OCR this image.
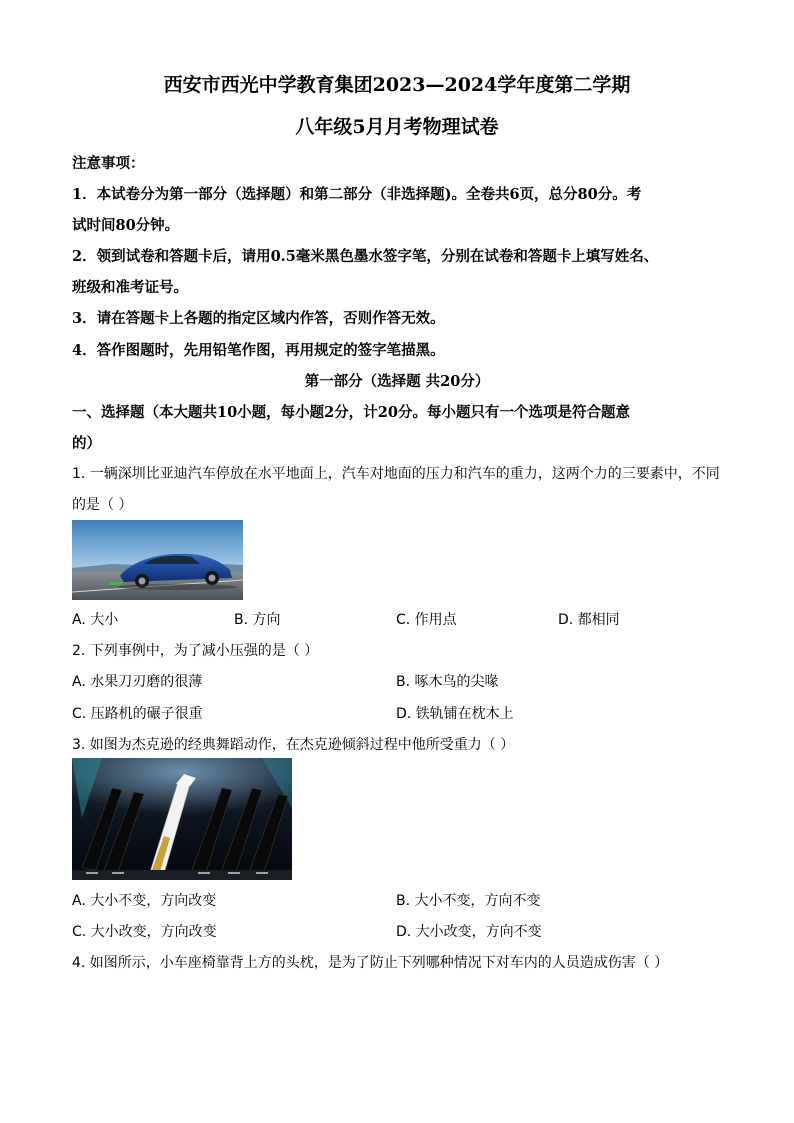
西安市西光中学教育集团2023—2024学年度第二学期
八年级5月月考物理试卷
注意事项：
1．本试卷分为第一部分（选择题）和第二部分（非选择题)。全卷共6页，总分80分。考
试时间80分钟。
2．领到试卷和答题卡后，请用0.5毫米黑色墨水签字笔，分别在试卷和答题卡上填写姓名、
班级和准考证号。
3．请在答题卡上各题的指定区域内作答，否则作答无效。
4．答作图题时，先用铅笔作图，再用规定的签字笔描黑。
第一部分（选择题 共20分）
一、选择题（本大题共10小题，每小题2分，计20分。每小题只有一个选项是符合题意
的）
1. 一辆深圳比亚迪汽车停放在水平地面上，汽车对地面的压力和汽车的重力，这两个力的三要素中，不同
的是（ ）
A. 大小	B. 方向	C. 作用点	D. 都相同
2. 下列事例中，为了减小压强的是（ ）
A. 水果刀刃磨的很薄	B. 啄木鸟的尖喙
C. 压路机的碾子很重	D. 铁轨铺在枕木上
3. 如图为杰克逊的经典舞蹈动作，在杰克逊倾斜过程中他所受重力（ ）
A. 大小不变，方向改变	B. 大小不变，方向不变
C. 大小改变，方向改变	D. 大小改变，方向不变
4. 如图所示，小车座椅靠背上方的头枕，是为了防止下列哪种情况下对车内的人员造成伤害（ ）
